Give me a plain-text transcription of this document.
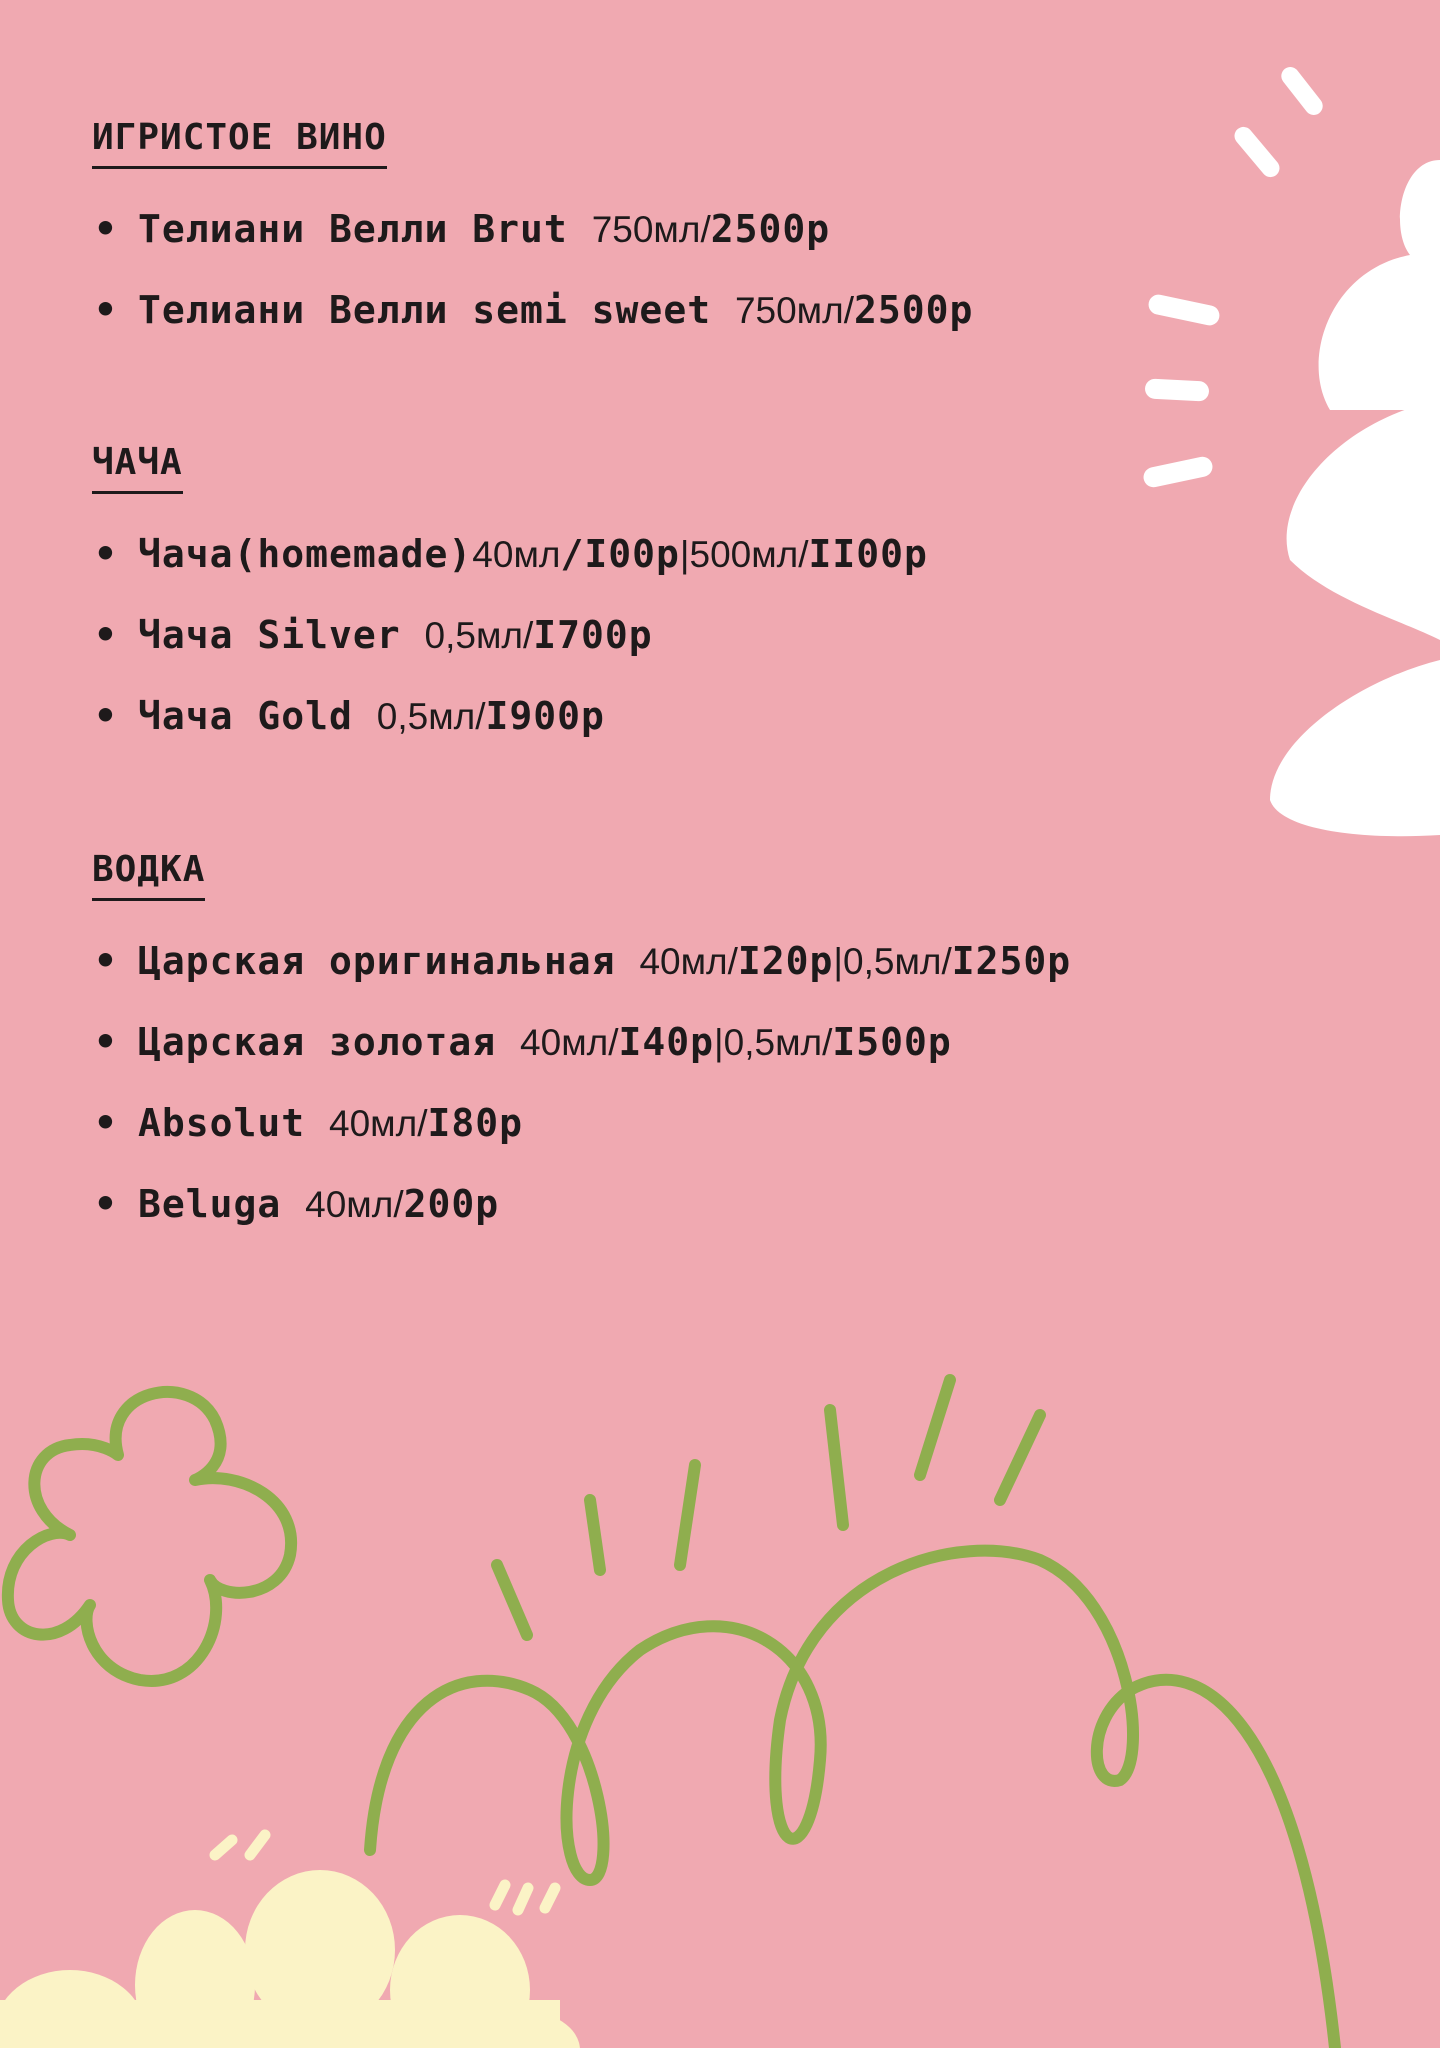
ИГРИСТОЕ ВИНО
• Телиани Велли Brut 750мл/2500р
• Телиани Велли semi sweet 750мл/2500р
ЧАЧА
• Чача(homemade)40мл/I00р|500мл/II00р
• Чача Silver 0,5мл/I700р
• Чача Gold 0,5мл/I900р
ВОДКА
• Царская оригинальная 40мл/I20р|0,5мл/I250р
• Царская золотая 40мл/I40р|0,5мл/I500р
• Absolut 40мл/I80р
• Beluga 40мл/200р
